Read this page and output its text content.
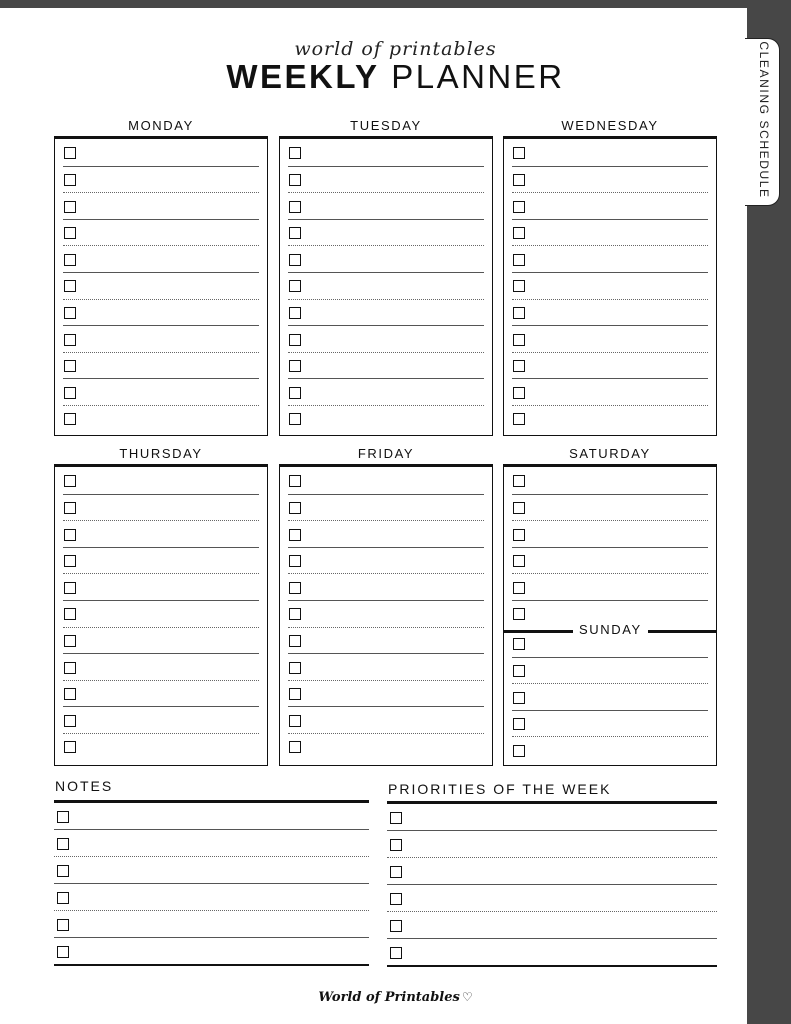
CLEANING SCHEDULE
world of printables
WEEKLY PLANNER
MONDAY	TUESDAY	WEDNESDAY
THURSDAY	FRIDAY	SATURDAY
SUNDAY
NOTES	PRIORITIES OF THE WEEK
World of Printables ♡
